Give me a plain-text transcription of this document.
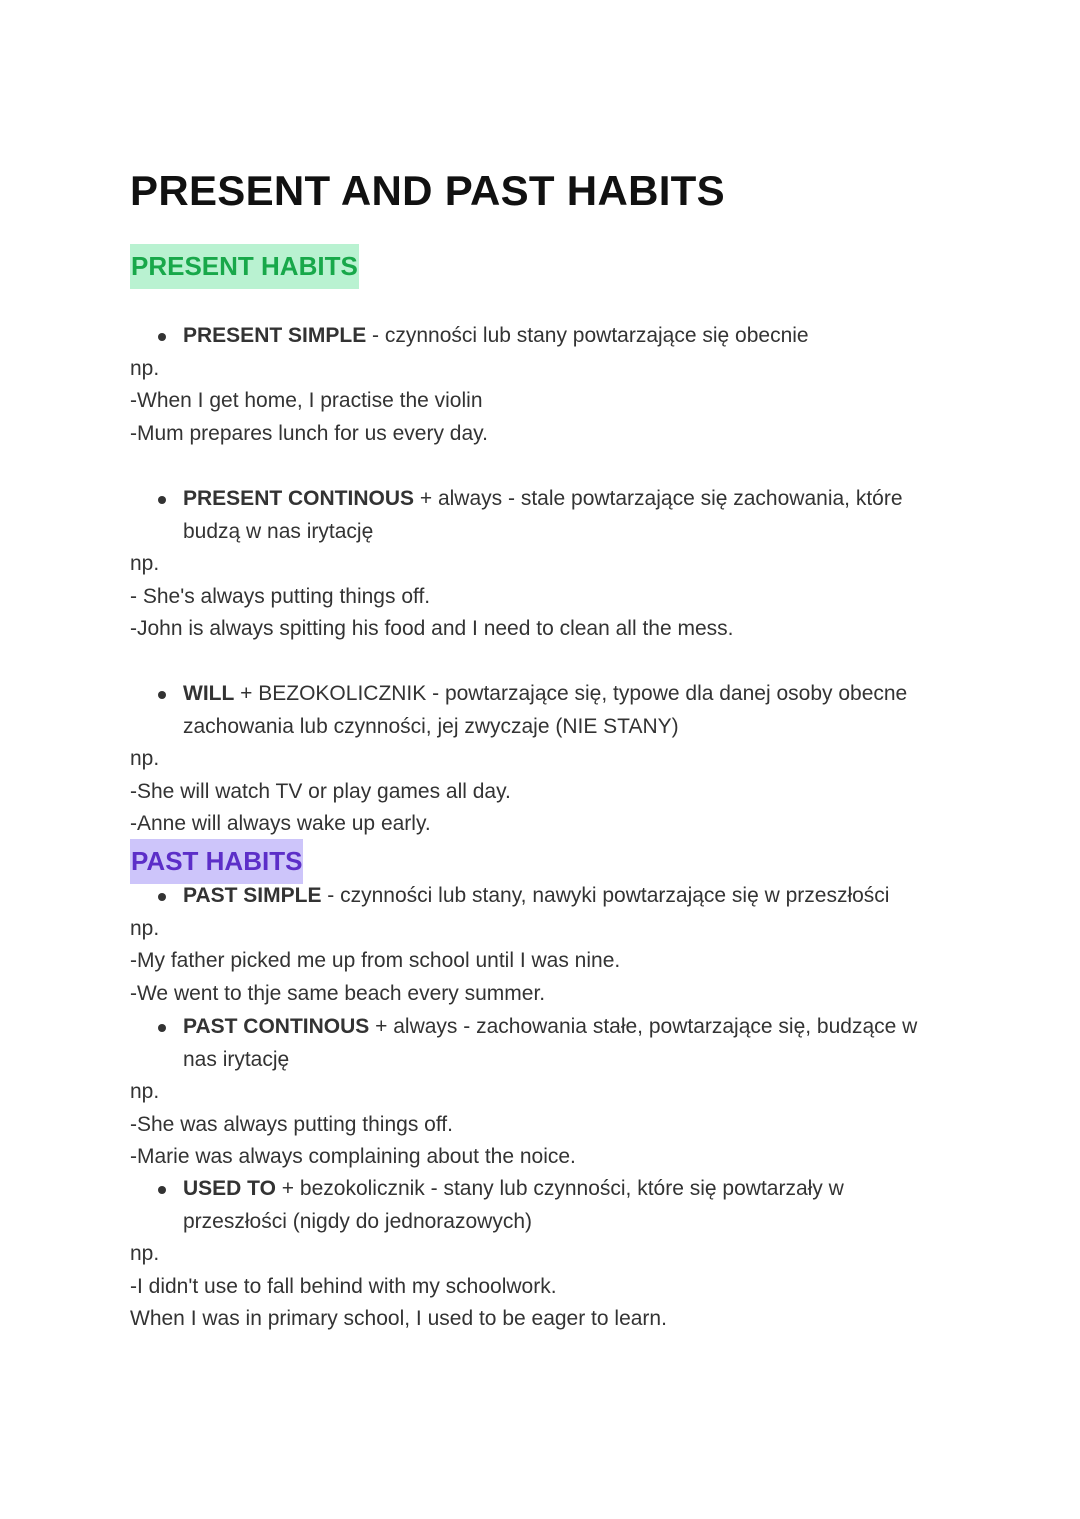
PRESENT AND PAST HABITS
PRESENT HABITS
PRESENT SIMPLE - czynności lub stany powtarzające się obecnie
np.
-When I get home, I practise the violin
-Mum prepares lunch for us every day.
PRESENT CONTINOUS + always - stale powtarzające się zachowania, które budzą w nas irytację
np.
- She's always putting things off.
-John is always spitting his food and I need to clean all the mess.
WILL + BEZOKOLICZNIK - powtarzające się, typowe dla danej osoby obecne zachowania lub czynności, jej zwyczaje (NIE STANY)
np.
-She will watch TV or play games all day.
-Anne will always wake up early.
PAST HABITS
PAST SIMPLE - czynności lub stany, nawyki powtarzające się w przeszłości
np.
-My father picked me up from school until I was nine.
-We went to thje same beach every summer.
PAST CONTINOUS + always - zachowania stałe, powtarzające się, budzące w nas irytację
np.
-She was always putting things off.
-Marie was always complaining about the noice.
USED TO + bezokolicznik - stany lub czynności, które się powtarzały w przeszłości (nigdy do jednorazowych)
np.
-I didn't use to fall behind with my schoolwork.
When I was in primary school, I used to be eager to learn.
